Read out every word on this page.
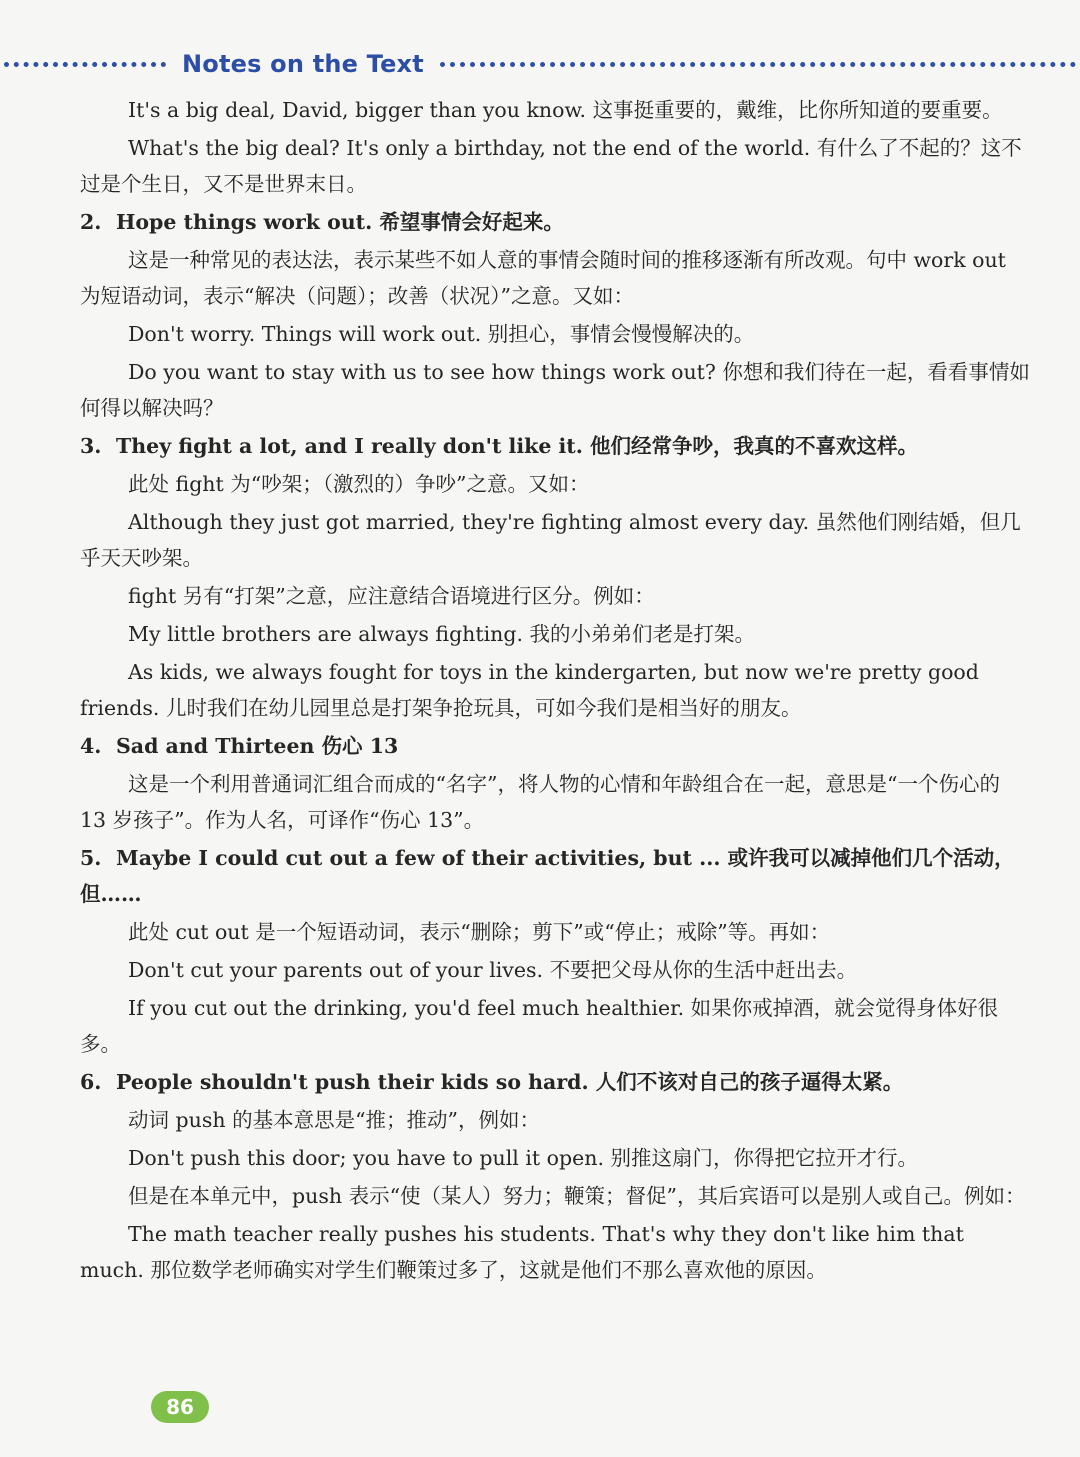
Notes on the Text

It's a big deal, David, bigger than you know. 这事挺重要的，戴维，比你所知道的要重要。

What's the big deal? It's only a birthday, not the end of the world. 有什么了不起的？这不过是个生日，又不是世界末日。

2. Hope things work out. 希望事情会好起来。

这是一种常见的表达法，表示某些不如人意的事情会随时间的推移逐渐有所改观。句中 work out 为短语动词，表示“解决（问题）；改善（状况）”之意。又如：

Don't worry. Things will work out. 别担心，事情会慢慢解决的。

Do you want to stay with us to see how things work out? 你想和我们待在一起，看看事情如何得以解决吗？

3. They fight a lot, and I really don't like it. 他们经常争吵，我真的不喜欢这样。

此处 fight 为“吵架；（激烈的）争吵”之意。又如：

Although they just got married, they're fighting almost every day. 虽然他们刚结婚，但几乎天天吵架。

fight 另有“打架”之意，应注意结合语境进行区分。例如：

My little brothers are always fighting. 我的小弟弟们老是打架。

As kids, we always fought for toys in the kindergarten, but now we're pretty good friends. 儿时我们在幼儿园里总是打架争抢玩具，可如今我们是相当好的朋友。

4. Sad and Thirteen 伤心 13

这是一个利用普通词汇组合而成的“名字”，将人物的心情和年龄组合在一起，意思是“一个伤心的 13 岁孩子”。作为人名，可译作“伤心 13”。

5. Maybe I could cut out a few of their activities, but ... 或许我可以减掉他们几个活动，但……

此处 cut out 是一个短语动词，表示“删除；剪下”或“停止；戒除”等。再如：

Don't cut your parents out of your lives. 不要把父母从你的生活中赶出去。

If you cut out the drinking, you'd feel much healthier. 如果你戒掉酒，就会觉得身体好很多。

6. People shouldn't push their kids so hard. 人们不该对自己的孩子逼得太紧。

动词 push 的基本意思是“推；推动”，例如：

Don't push this door; you have to pull it open. 别推这扇门，你得把它拉开才行。

但是在本单元中，push 表示“使（某人）努力；鞭策；督促”，其后宾语可以是别人或自己。例如：

The math teacher really pushes his students. That's why they don't like him that much. 那位数学老师确实对学生们鞭策过多了，这就是他们不那么喜欢他的原因。

86
